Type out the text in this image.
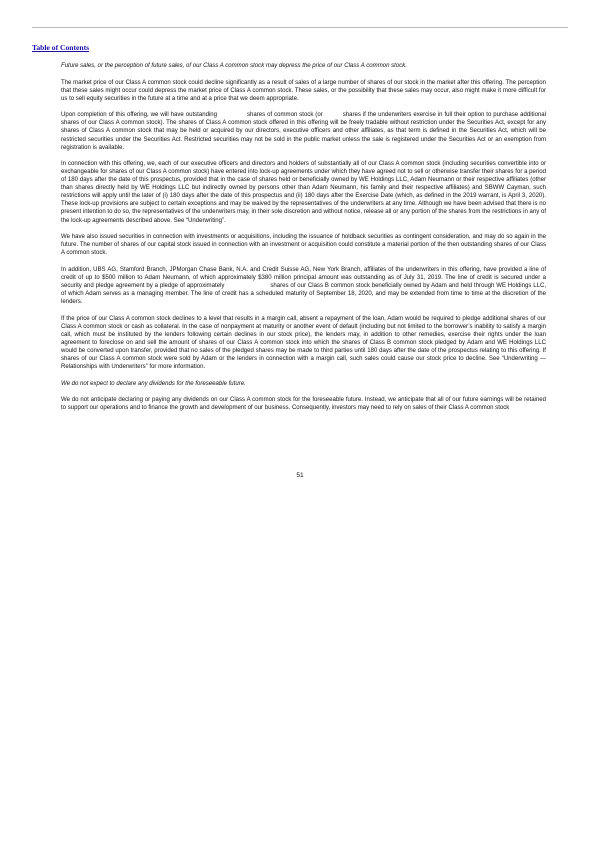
Table of Contents

Future sales, or the perception of future sales, of our Class A common stock may depress the price of our Class A common stock.

The market price of our Class A common stock could decline significantly as a result of sales of a large number of shares of our stock in the market after this offering. The perception that these sales might occur could depress the market price of Class A common stock. These sales, or the possibility that these sales may occur, also might make it more difficult for us to sell equity securities in the future at a time and at a price that we deem appropriate.

Upon completion of this offering, we will have outstanding	shares of common stock (or	shares if the underwriters exercise in full their option to purchase additional shares of our Class A common stock). The shares of Class A common stock offered in this offering will be freely tradable without restriction under the Securities Act, except for any shares of Class A common stock that may be held or acquired by our directors, executive officers and other affiliates, as that term is defined in the Securities Act, which will be restricted securities under the Securities Act. Restricted securities may not be sold in the public market unless the sale is registered under the Securities Act or an exemption from registration is available.

In connection with this offering, we, each of our executive officers and directors and holders of substantially all of our Class A common stock (including securities convertible into or exchangeable for shares of our Class A common stock) have entered into lock-up agreements under which they have agreed not to sell or otherwise transfer their shares for a period of 180 days after the date of this prospectus, provided that in the case of shares held or beneficially owned by WE Holdings LLC, Adam Neumann or their respective affiliates (other than shares directly held by WE Holdings LLC but indirectly owned by persons other than Adam Neumann, his family and their respective affiliates) and SBWW Cayman, such restrictions will apply until the later of (i) 180 days after the date of this prospectus and (ii) 180 days after the Exercise Date (which, as defined in the 2019 warrant, is April 3, 2020). These lock-up provisions are subject to certain exceptions and may be waived by the representatives of the underwriters at any time. Although we have been advised that there is no present intention to do so, the representatives of the underwriters may, in their sole discretion and without notice, release all or any portion of the shares from the restrictions in any of the lock-up agreements described above. See “Underwriting”.

We have also issued securities in connection with investments or acquisitions, including the issuance of holdback securities as contingent consideration, and may do so again in the future. The number of shares of our capital stock issued in connection with an investment or acquisition could constitute a material portion of the then outstanding shares of our Class A common stock.

In addition, UBS AG, Stamford Branch, JPMorgan Chase Bank, N.A. and Credit Suisse AG, New York Branch, affiliates of the underwriters in this offering, have provided a line of credit of up to $500 million to Adam Neumann, of which approximately $380 million principal amount was outstanding as of July 31, 2019. The line of credit is secured under a security and pledge agreement by a pledge of approximately	shares of our Class B common stock beneficially owned by Adam and held through WE Holdings LLC, of which Adam serves as a managing member. The line of credit has a scheduled maturity of September 18, 2020, and may be extended from time to time at the discretion of the lenders.

If the price of our Class A common stock declines to a level that results in a margin call, absent a repayment of the loan, Adam would be required to pledge additional shares of our Class A common stock or cash as collateral. In the case of nonpayment at maturity or another event of default (including but not limited to the borrower’s inability to satisfy a margin call, which must be instituted by the lenders following certain declines in our stock price), the lenders may, in addition to other remedies, exercise their rights under the loan agreement to foreclose on and sell the amount of shares of our Class A common stock into which the shares of Class B common stock pledged by Adam and WE Holdings LLC would be converted upon transfer, provided that no sales of the pledged shares may be made to third parties until 180 days after the date of the prospectus relating to this offering. If shares of our Class A common stock were sold by Adam or the lenders in connection with a margin call, such sales could cause our stock price to decline. See “Underwriting —Relationships with Underwriters” for more information.

We do not expect to declare any dividends for the foreseeable future.

We do not anticipate declaring or paying any dividends on our Class A common stock for the foreseeable future. Instead, we anticipate that all of our future earnings will be retained to support our operations and to finance the growth and development of our business. Consequently, investors may need to rely on sales of their Class A common stock

51
